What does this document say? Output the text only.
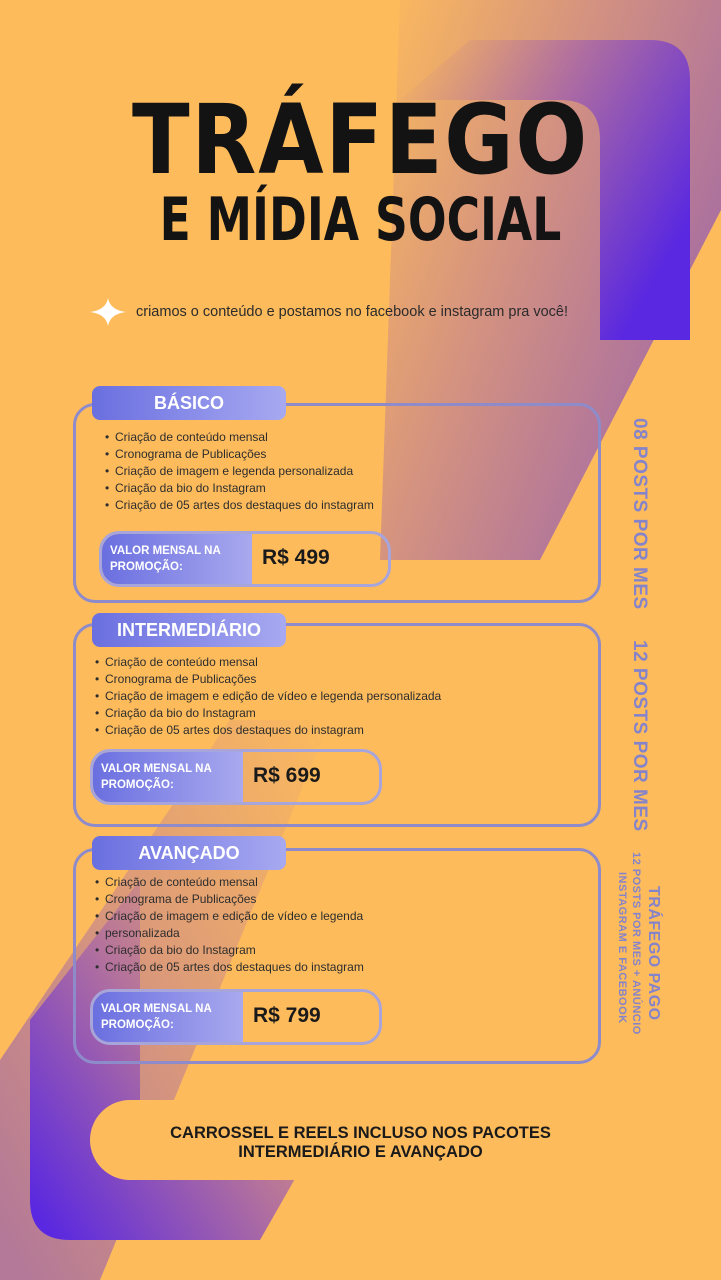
TRÁFEGO
E MÍDIA SOCIAL
criamos o conteúdo e postamos no facebook e instagram pra você!
BÁSICO
• Criação de conteúdo mensal
• Cronograma de Publicações
• Criação de imagem e legenda personalizada
• Criação da bio do Instagram
• Criação de 05 artes dos destaques do instagram
VALOR MENSAL NA
PROMOÇÃO:	R$ 499	08 POSTS POR MES
INTERMEDIÁRIO
• Criação de conteúdo mensal
• Cronograma de Publicações
• Criação de imagem e edição de vídeo e legenda personalizada
• Criação da bio do Instagram
• Criação de 05 artes dos destaques do instagram
VALOR MENSAL NA
PROMOÇÃO:	R$ 699	12 POSTS POR MES
AVANÇADO
• Criação de conteúdo mensal
• Cronograma de Publicações
• Criação de imagem e edição de vídeo e legenda
• personalizada
• Criação da bio do Instagram
• Criação de 05 artes dos destaques do instagram
VALOR MENSAL NA
PROMOÇÃO:	R$ 799	TRÁFEGO PAGO
12 POSTS POR MES + ANÚNCIO
INSTAGRAM E FACEBOOK
CARROSSEL E REELS INCLUSO NOS PACOTES
INTERMEDIÁRIO E AVANÇADO
